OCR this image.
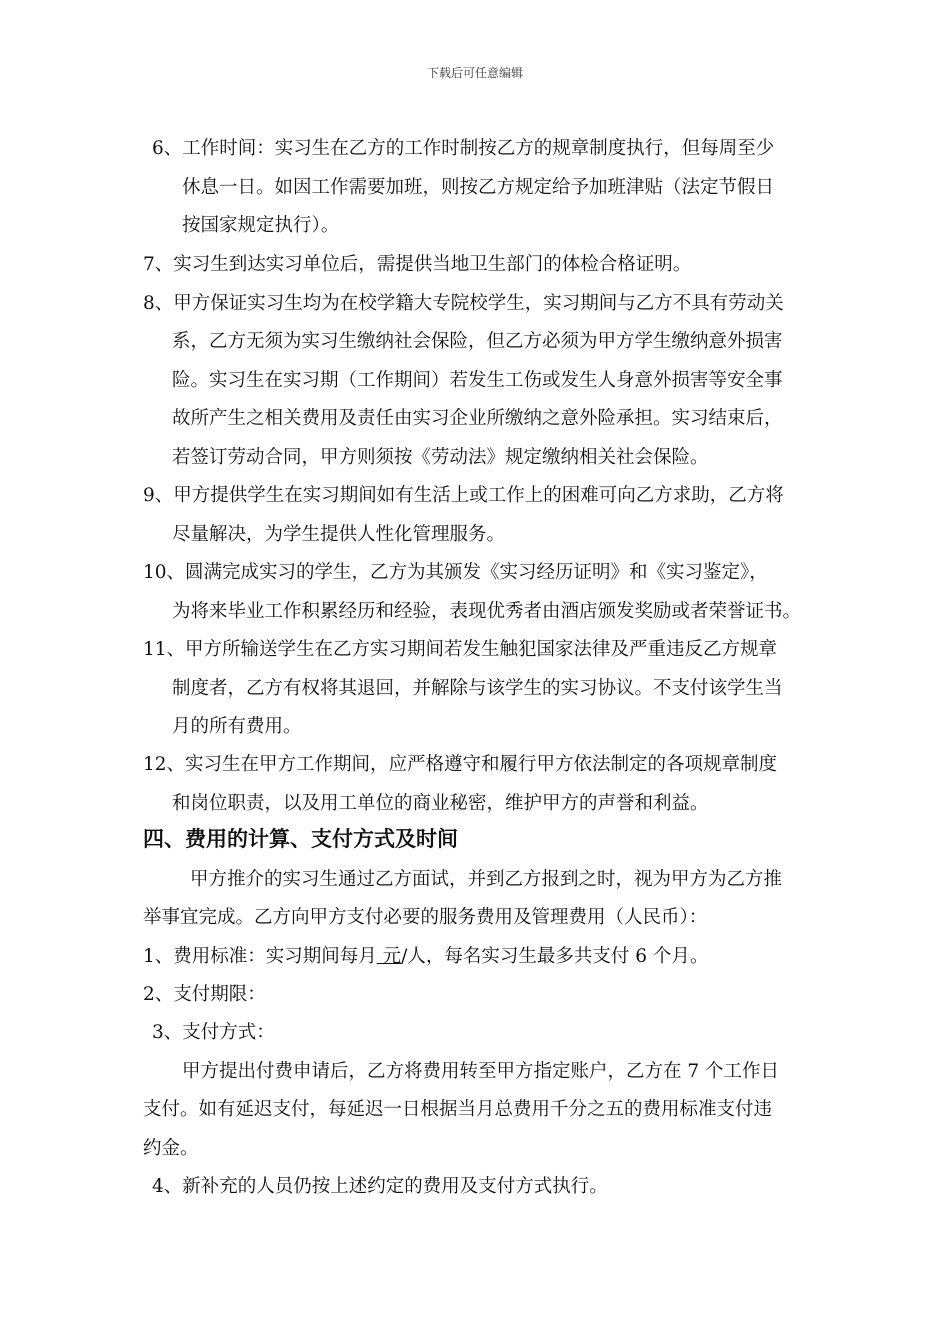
下载后可任意编辑
6、工作时间：实习生在乙方的工作时制按乙方的规章制度执行，但每周至少
休息一日。如因工作需要加班，则按乙方规定给予加班津贴（法定节假日
按国家规定执行）。
7、实习生到达实习单位后，需提供当地卫生部门的体检合格证明。
8、甲方保证实习生均为在校学籍大专院校学生，实习期间与乙方不具有劳动关
系，乙方无须为实习生缴纳社会保险，但乙方必须为甲方学生缴纳意外损害
险。实习生在实习期（工作期间）若发生工伤或发生人身意外损害等安全事
故所产生之相关费用及责任由实习企业所缴纳之意外险承担。实习结束后，
若签订劳动合同，甲方则须按《劳动法》规定缴纳相关社会保险。
9、甲方提供学生在实习期间如有生活上或工作上的困难可向乙方求助，乙方将
尽量解决，为学生提供人性化管理服务。
10、圆满完成实习的学生，乙方为其颁发《实习经历证明》和《实习鉴定》，
为将来毕业工作积累经历和经验，表现优秀者由酒店颁发奖励或者荣誉证书。
11、甲方所输送学生在乙方实习期间若发生触犯国家法律及严重违反乙方规章
制度者，乙方有权将其退回，并解除与该学生的实习协议。不支付该学生当
月的所有费用。
12、实习生在甲方工作期间，应严格遵守和履行甲方依法制定的各项规章制度
和岗位职责，以及用工单位的商业秘密，维护甲方的声誉和利益。
四、费用的计算、支付方式及时间
甲方推介的实习生通过乙方面试，并到乙方报到之时，视为甲方为乙方推
举事宜完成。乙方向甲方支付必要的服务费用及管理费用（人民币）：
1、费用标准：实习期间每月 元/人，每名实习生最多共支付 6 个月。
2、支付期限：
3、支付方式：
甲方提出付费申请后，乙方将费用转至甲方指定账户，乙方在 7 个工作日
支付。如有延迟支付，每延迟一日根据当月总费用千分之五的费用标准支付违
约金。
4、新补充的人员仍按上述约定的费用及支付方式执行。
